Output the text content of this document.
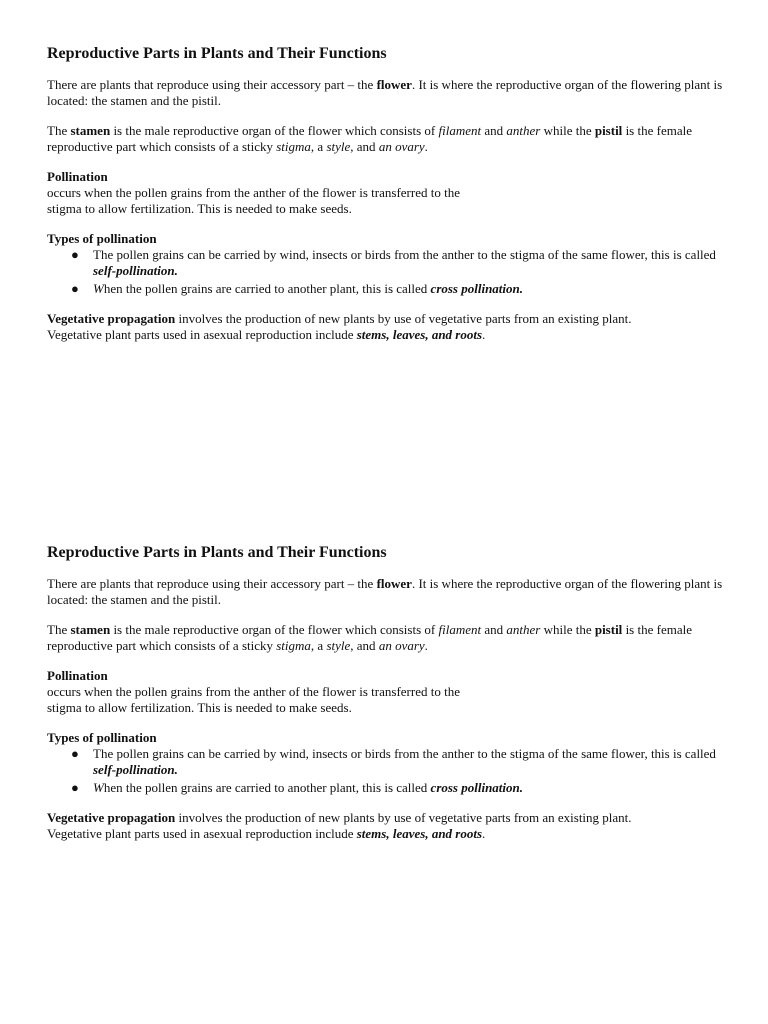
Reproductive Parts in Plants and Their Functions

There are plants that reproduce using their accessory part – the flower. It is where the reproductive organ of the flowering plant is located: the stamen and the pistil.

The stamen is the male reproductive organ of the flower which consists of filament and anther while the pistil is the female reproductive part which consists of a sticky stigma, a style, and an ovary.

Pollination

occurs when the pollen grains from the anther of the flower is transferred to the
stigma to allow fertilization. This is needed to make seeds.

Types of pollination
● The pollen grains can be carried by wind, insects or birds from the anther to the stigma of the same flower, this is called self-pollination.
● When the pollen grains are carried to another plant, this is called cross pollination.

Vegetative propagation involves the production of new plants by use of vegetative parts from an existing plant.
Vegetative plant parts used in asexual reproduction include stems, leaves, and roots.

Reproductive Parts in Plants and Their Functions

There are plants that reproduce using their accessory part – the flower. It is where the reproductive organ of the flowering plant is located: the stamen and the pistil.

The stamen is the male reproductive organ of the flower which consists of filament and anther while the pistil is the female reproductive part which consists of a sticky stigma, a style, and an ovary.

Pollination

occurs when the pollen grains from the anther of the flower is transferred to the
stigma to allow fertilization. This is needed to make seeds.

Types of pollination
● The pollen grains can be carried by wind, insects or birds from the anther to the stigma of the same flower, this is called self-pollination.
● When the pollen grains are carried to another plant, this is called cross pollination.

Vegetative propagation involves the production of new plants by use of vegetative parts from an existing plant.
Vegetative plant parts used in asexual reproduction include stems, leaves, and roots.
